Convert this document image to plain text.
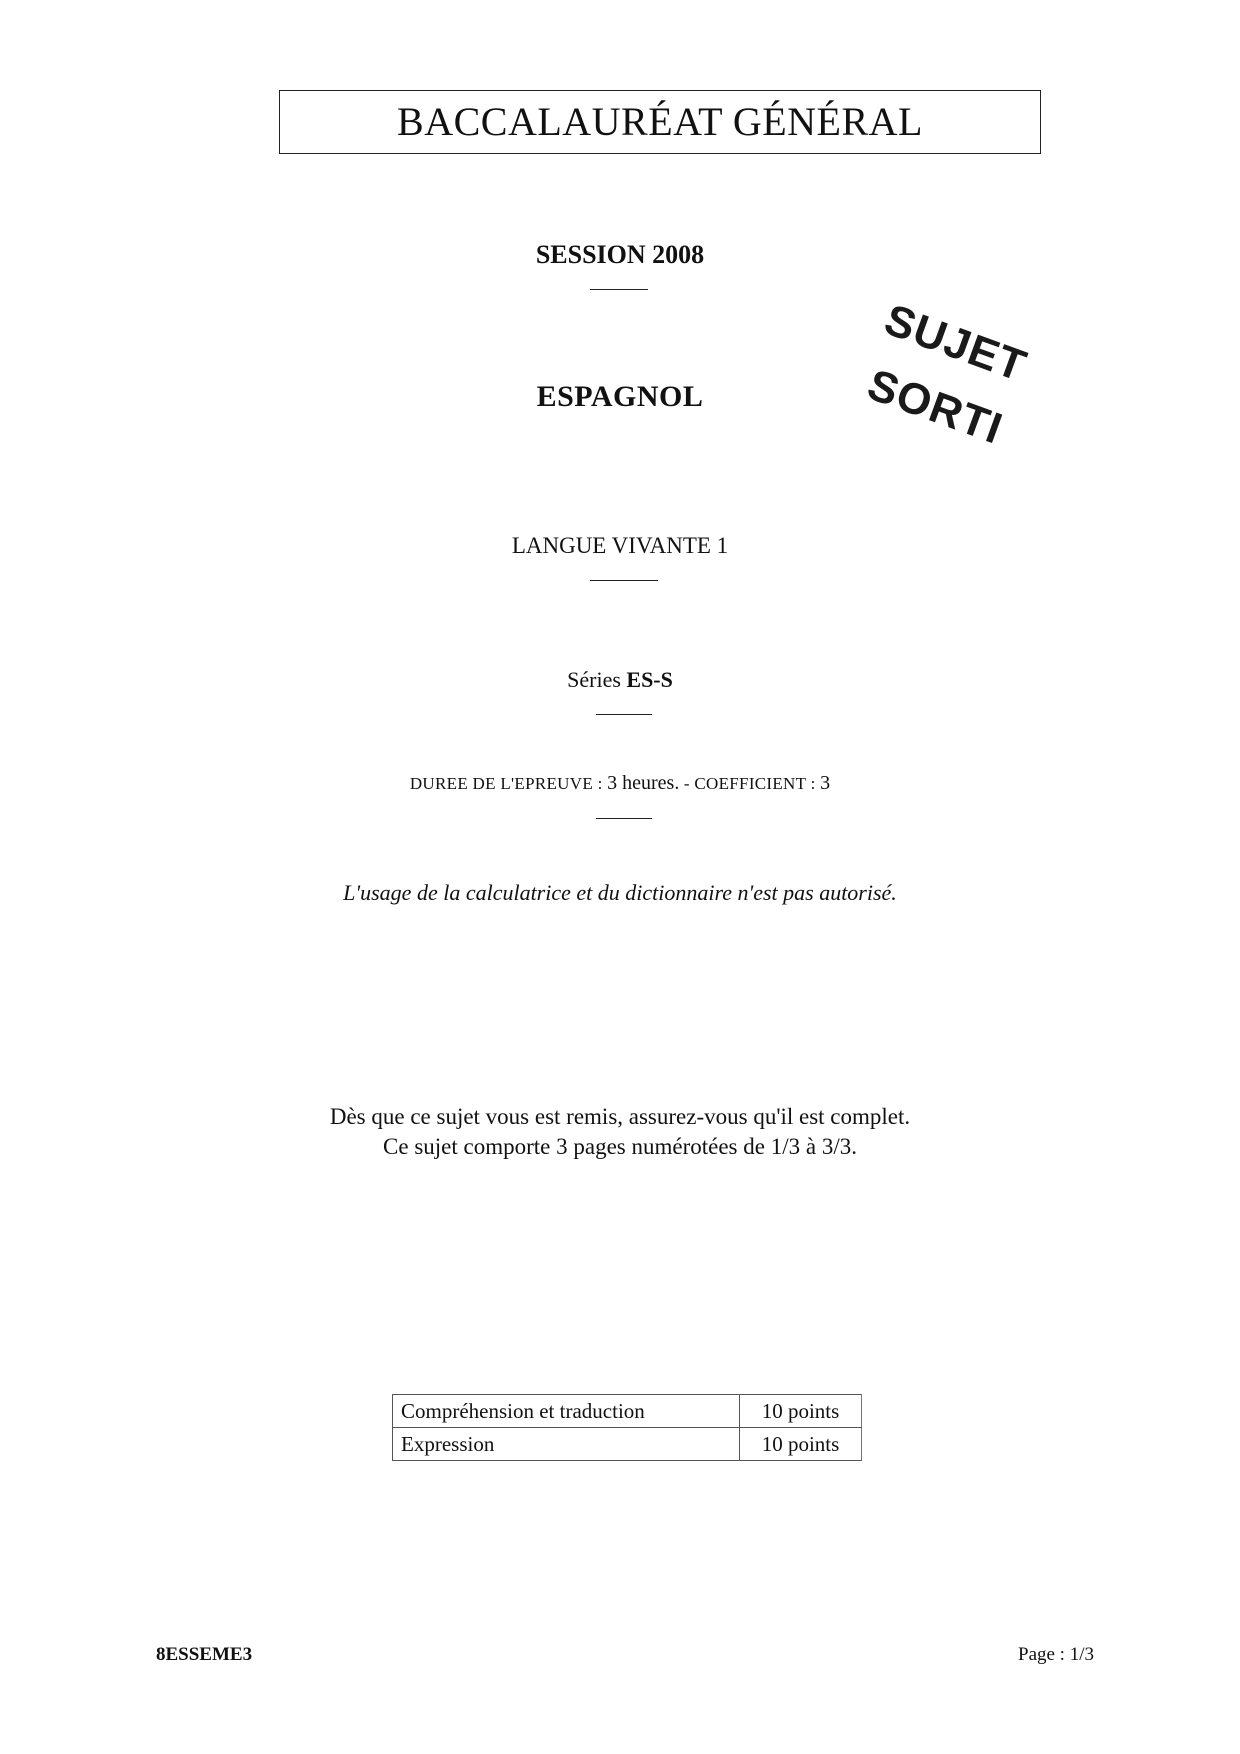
BACCALAURÉAT GÉNÉRAL
SESSION 2008
ESPAGNOL
SUJET
SORTI
LANGUE VIVANTE 1
Séries ES-S
DUREE DE L'EPREUVE : 3 heures. - COEFFICIENT : 3
L'usage de la calculatrice et du dictionnaire n'est pas autorisé.
Dès que ce sujet vous est remis, assurez-vous qu'il est complet.
Ce sujet comporte 3 pages numérotées de 1/3 à 3/3.
Compréhension et traduction	10 points
Expression	10 points
8ESSEME3	Page : 1/3
